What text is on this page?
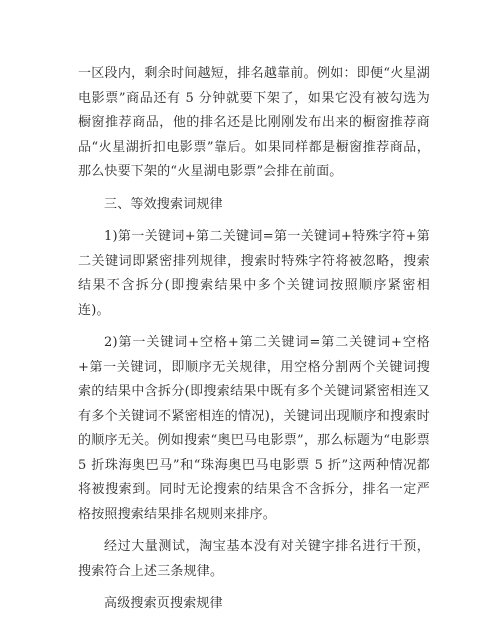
一区段内，剩余时间越短，排名越靠前。例如：即便“火星湖电影票”商品还有 5 分钟就要下架了，如果它没有被勾选为橱窗推荐商品，他的排名还是比刚刚发布出来的橱窗推荐商品“火星湖折扣电影票”靠后。如果同样都是橱窗推荐商品，那么快要下架的“火星湖电影票”会排在前面。

三、等效搜索词规律

1)第一关键词+第二关键词=第一关键词+特殊字符+第二关键词即紧密排列规律，搜索时特殊字符将被忽略，搜索结果不含拆分(即搜索结果中多个关键词按照顺序紧密相连)。

2)第一关键词+空格+第二关键词=第二关键词+空格+第一关键词，即顺序无关规律，用空格分割两个关键词搜索的结果中含拆分(即搜索结果中既有多个关键词紧密相连又有多个关键词不紧密相连的情况)，关键词出现顺序和搜索时的顺序无关。例如搜索“奥巴马电影票”，那么标题为“电影票 5 折珠海奥巴马”和“珠海奥巴马电影票 5 折”这两种情况都将被搜索到。同时无论搜索的结果含不含拆分，排名一定严格按照搜索结果排名规则来排序。

经过大量测试，淘宝基本没有对关键字排名进行干预，搜索符合上述三条规律。

高级搜索页搜索规律
